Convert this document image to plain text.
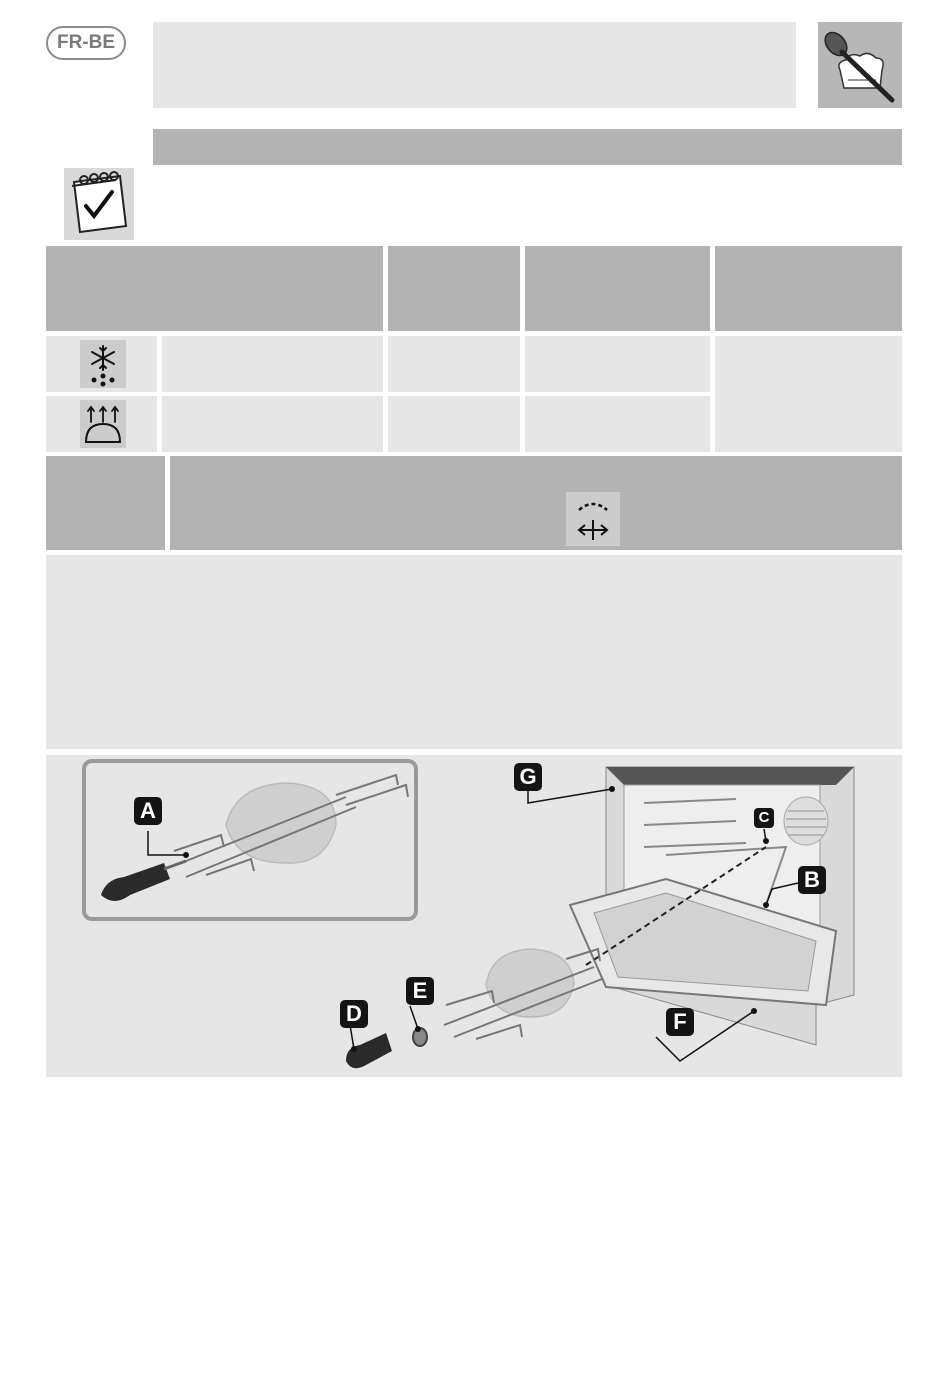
FR-BE
A
B
C
D
E
F
G
